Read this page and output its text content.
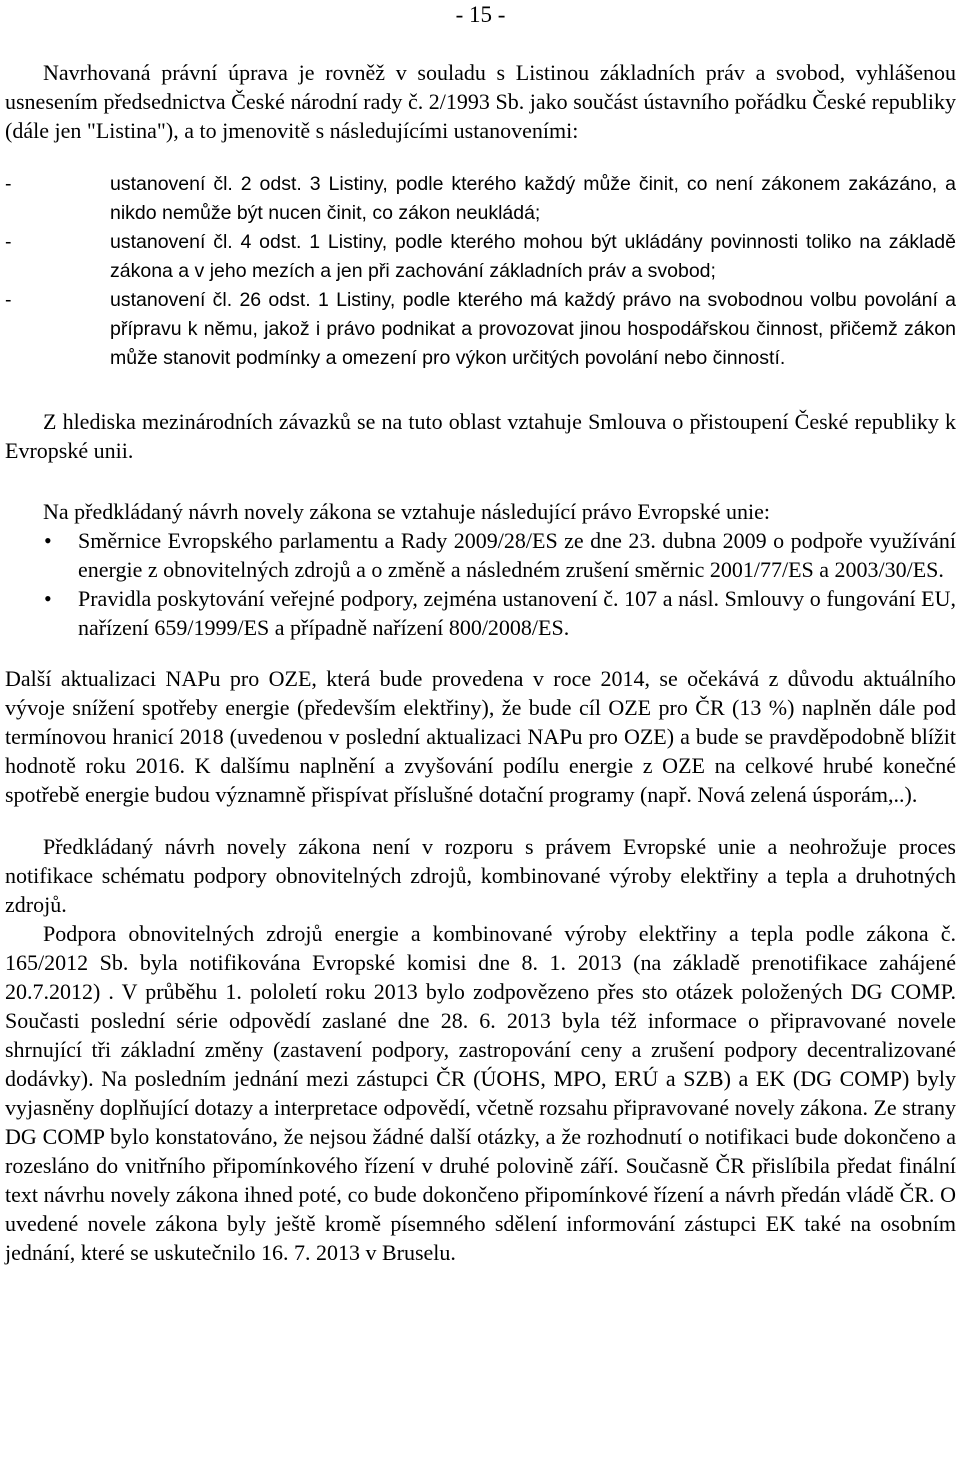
- 15 -

Navrhovaná právní úprava je rovněž v souladu s Listinou základních práv a svobod, vyhlášenou usnesením předsednictva České národní rady č. 2/1993 Sb. jako součást ústavního pořádku České republiky (dále jen "Listina"), a to jmenovitě s následujícími ustanoveními:

-	ustanovení čl. 2 odst. 3 Listiny, podle kterého každý může činit, co není zákonem zakázáno, a nikdo nemůže být nucen činit, co zákon neukládá;
-	ustanovení čl. 4 odst. 1 Listiny, podle kterého mohou být ukládány povinnosti toliko na základě zákona a v jeho mezích a jen při zachování základních práv a svobod;
-	ustanovení čl. 26 odst. 1 Listiny, podle kterého má každý právo na svobodnou volbu povolání a přípravu k němu, jakož i právo podnikat a provozovat jinou hospodářskou činnost, přičemž zákon může stanovit podmínky a omezení pro výkon určitých povolání nebo činností.

Z hlediska mezinárodních závazků se na tuto oblast vztahuje Smlouva o přistoupení České republiky k Evropské unii.

Na předkládaný návrh novely zákona se vztahuje následující právo Evropské unie:

• Směrnice Evropského parlamentu a Rady 2009/28/ES ze dne 23. dubna 2009 o podpoře využívání energie z obnovitelných zdrojů a o změně a následném zrušení směrnic 2001/77/ES a 2003/30/ES.
• Pravidla poskytování veřejné podpory, zejména ustanovení č. 107 a násl. Smlouvy o fungování EU, nařízení 659/1999/ES a případně nařízení 800/2008/ES.

Další aktualizaci NAPu pro OZE, která bude provedena v roce 2014, se očekává z důvodu aktuálního vývoje snížení spotřeby energie (především elektřiny), že bude cíl OZE pro ČR (13 %) naplněn dále pod termínovou hranicí 2018 (uvedenou v poslední aktualizaci NAPu pro OZE) a bude se pravděpodobně blížit hodnotě roku 2016. K dalšímu naplnění a zvyšování podílu energie z OZE na celkové hrubé konečné spotřebě energie budou významně přispívat příslušné dotační programy (např. Nová zelená úsporám,..).

Předkládaný návrh novely zákona není v rozporu s právem Evropské unie a neohrožuje proces notifikace schématu podpory obnovitelných zdrojů, kombinované výroby elektřiny a tepla a druhotných zdrojů.

Podpora obnovitelných zdrojů energie a kombinované výroby elektřiny a tepla podle zákona č. 165/2012 Sb. byla notifikována Evropské komisi dne 8. 1. 2013 (na základě prenotifikace zahájené 20.7.2012) . V průběhu 1. pololetí roku 2013 bylo zodpovězeno přes sto otázek položených DG COMP. Současti poslední série odpovědí zaslané dne 28. 6. 2013 byla též informace o připravované novele shrnující tři základní změny (zastavení podpory, zastropování ceny a zrušení podpory decentralizované dodávky). Na posledním jednání mezi zástupci ČR (ÚOHS, MPO, ERÚ a SZB) a EK (DG COMP) byly vyjasněny doplňující dotazy a interpretace odpovědí, včetně rozsahu připravované novely zákona. Ze strany DG COMP bylo konstatováno, že nejsou žádné další otázky, a že rozhodnutí o notifikaci bude dokončeno a rozesláno do vnitřního připomínkového řízení v druhé polovině září. Současně ČR přislíbila předat finální text návrhu novely zákona ihned poté, co bude dokončeno připomínkové řízení a návrh předán vládě ČR. O uvedené novele zákona byly ještě kromě písemného sdělení informování zástupci EK také na osobním jednání, které se uskutečnilo 16. 7. 2013 v Bruselu.
